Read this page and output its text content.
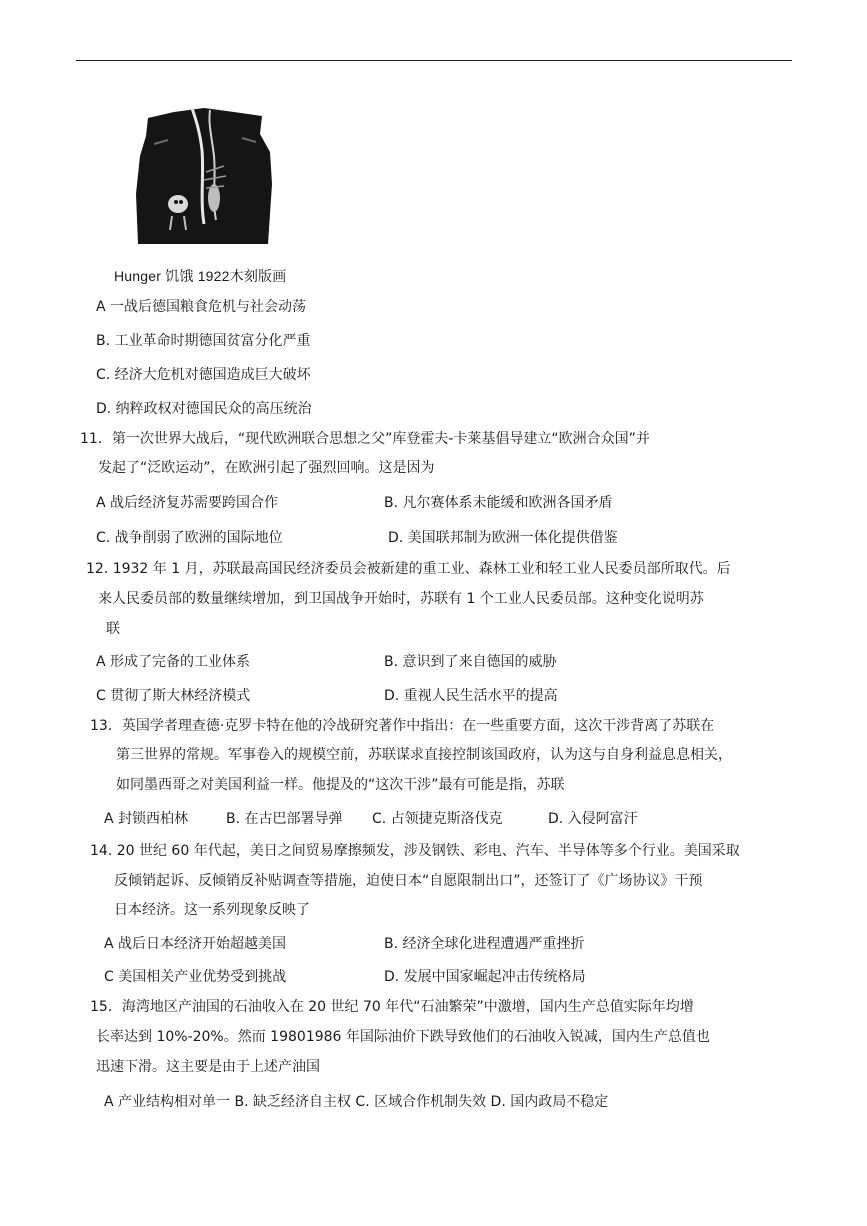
Hunger 饥饿 1922木刻版画
A 一战后德国粮食危机与社会动荡
B. 工业革命时期德国贫富分化严重
C. 经济大危机对德国造成巨大破坏
D. 纳粹政权对德国民众的高压统治
11．第一次世界大战后，“现代欧洲联合思想之父”库登霍夫-卡莱基倡导建立“欧洲合众国”并
发起了“泛欧运动”，在欧洲引起了强烈回响。这是因为
A 战后经济复苏需要跨国合作	B. 凡尔赛体系未能缓和欧洲各国矛盾
C. 战争削弱了欧洲的国际地位	D. 美国联邦制为欧洲一体化提供借鉴
12. 1932 年 1 月，苏联最高国民经济委员会被新建的重工业、森林工业和轻工业人民委员部所取代。后
来人民委员部的数量继续增加，到卫国战争开始时，苏联有 1 个工业人民委员部。这种变化说明苏
联
A 形成了完备的工业体系	B. 意识到了来自德国的威胁
C 贯彻了斯大林经济模式	D. 重视人民生活水平的提高
13．英国学者理查德·克罗卡特在他的冷战研究著作中指出：在一些重要方面，这次干涉背离了苏联在
第三世界的常规。军事卷入的规模空前，苏联谋求直接控制该国政府，认为这与自身利益息息相关，
如同墨西哥之对美国利益一样。他提及的“这次干涉”最有可能是指，苏联
A 封锁西柏林	B. 在古巴部署导弹 C. 占领捷克斯洛伐克	D. 入侵阿富汗
14. 20 世纪 60 年代起，美日之间贸易摩擦频发，涉及钢铁、彩电、汽车、半导体等多个行业。美国采取
反倾销起诉、反倾销反补贴调查等措施，迫使日本“自愿限制出口”，还签订了《广场协议》干预
日本经济。这一系列现象反映了
A 战后日本经济开始超越美国	B. 经济全球化进程遭遇严重挫折
C 美国相关产业优势受到挑战	D. 发展中国家崛起冲击传统格局
15．海湾地区产油国的石油收入在 20 世纪 70 年代“石油繁荣”中激增，国内生产总值实际年均增
长率达到 10%-20%。然而 19801986 年国际油价下跌导致他们的石油收入锐减，国内生产总值也
迅速下滑。这主要是由于上述产油国
A 产业结构相对单一 B. 缺乏经济自主权 C. 区域合作机制失效 D. 国内政局不稳定
